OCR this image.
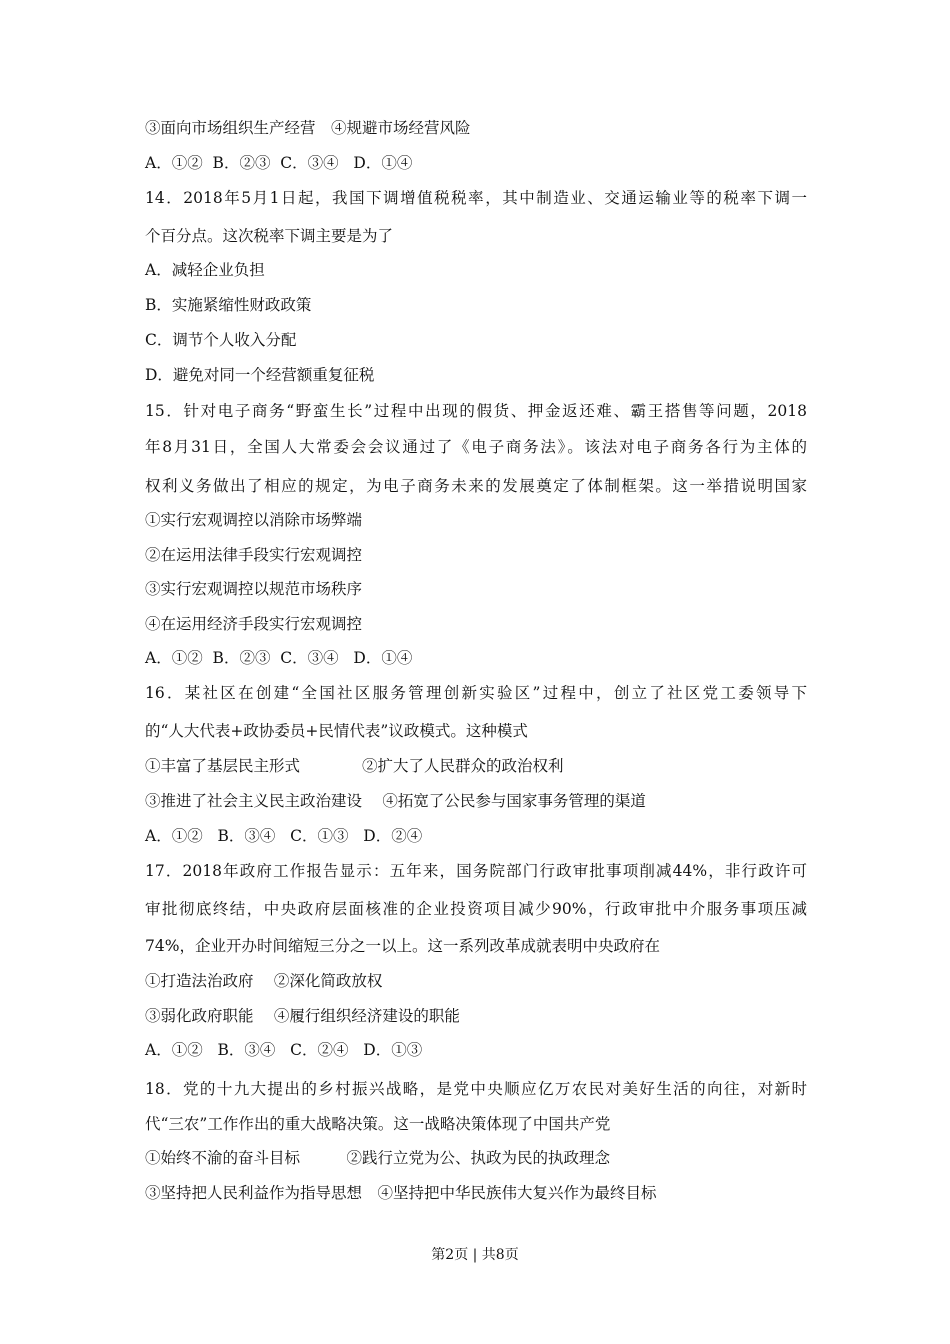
③面向市场组织生产经营　④规避市场经营风险
A．①②  B．②③  C．③④   D．①④
14．2018年5月1日起，我国下调增值税税率，其中制造业、交通运输业等的税率下调一
个百分点。这次税率下调主要是为了
A．减轻企业负担
B．实施紧缩性财政政策
C．调节个人收入分配
D．避免对同一个经营额重复征税
15．针对电子商务“野蛮生长”过程中出现的假货、押金返还难、霸王搭售等问题，2018
年8月31日，全国人大常委会会议通过了《电子商务法》。该法对电子商务各行为主体的
权利义务做出了相应的规定，为电子商务未来的发展奠定了体制框架。这一举措说明国家
①实行宏观调控以消除市场弊端
②在运用法律手段实行宏观调控
③实行宏观调控以规范市场秩序
④在运用经济手段实行宏观调控
A．①②  B．②③  C．③④   D．①④
16．某社区在创建“全国社区服务管理创新实验区”过程中，创立了社区党工委领导下
的“人大代表+政协委员+民情代表”议政模式。这种模式
①丰富了基层民主形式　　　　②扩大了人民群众的政治权利
③推进了社会主义民主政治建设　 ④拓宽了公民参与国家事务管理的渠道
A．①②   B．③④   C．①③   D．②④
17．2018年政府工作报告显示：五年来，国务院部门行政审批事项削减44%，非行政许可
审批彻底终结，中央政府层面核准的企业投资项目减少90%，行政审批中介服务事项压减
74%，企业开办时间缩短三分之一以上。这一系列改革成就表明中央政府在
①打造法治政府　 ②深化简政放权
③弱化政府职能　 ④履行组织经济建设的职能
A．①②   B．③④   C．②④   D．①③
18．党的十九大提出的乡村振兴战略，是党中央顺应亿万农民对美好生活的向往，对新时
代“三农”工作作出的重大战略决策。这一战略决策体现了中国共产党
①始终不渝的奋斗目标　　　②践行立党为公、执政为民的执政理念
③坚持把人民利益作为指导思想　④坚持把中华民族伟大复兴作为最终目标
第2页 | 共8页
